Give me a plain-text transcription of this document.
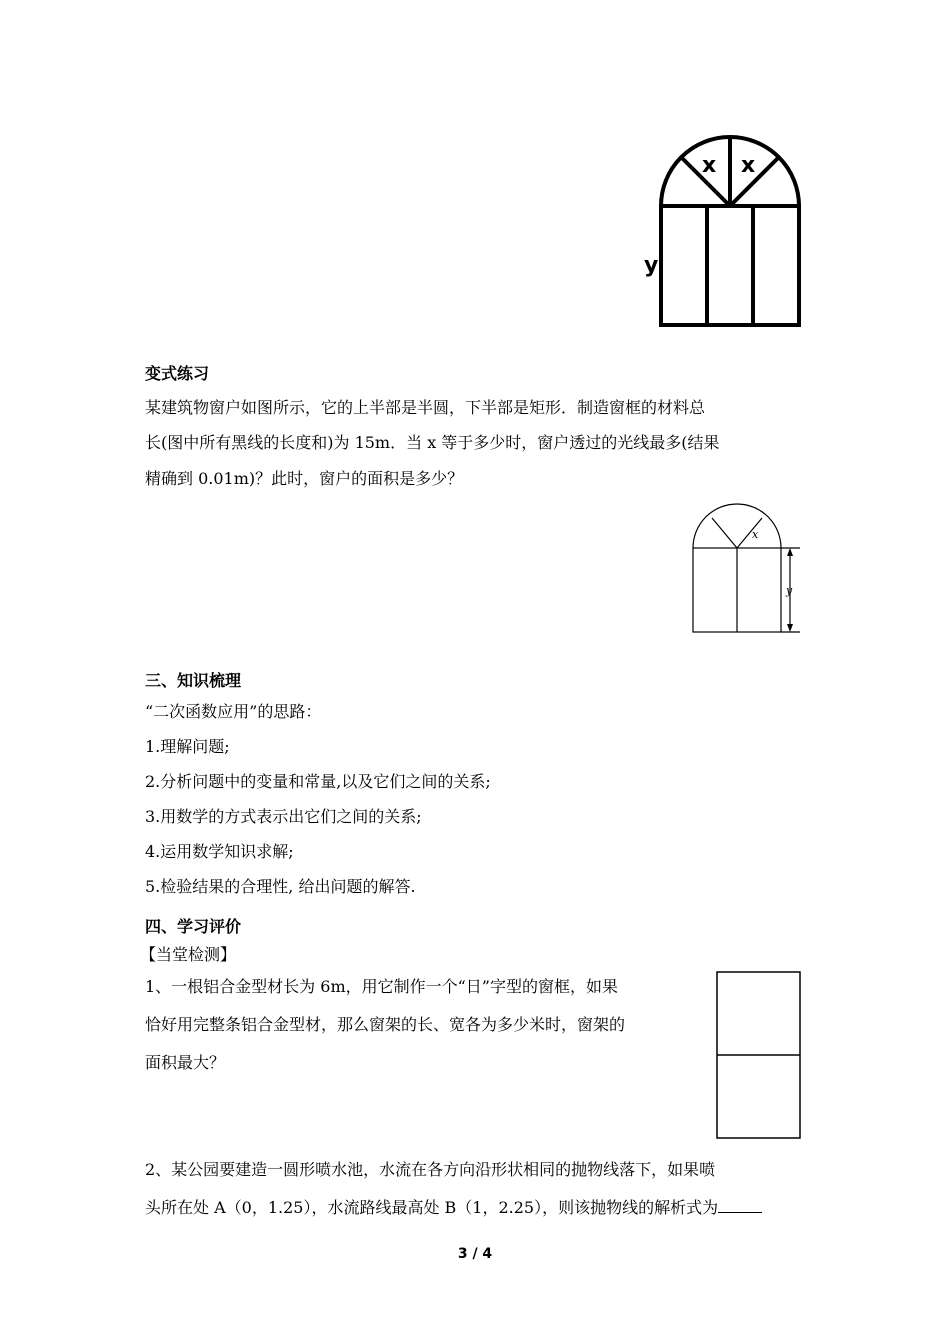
x x
y
变式练习
某建筑物窗户如图所示，它的上半部是半圆，下半部是矩形．制造窗框的材料总
长(图中所有黑线的长度和)为 15m．当 x 等于多少时，窗户透过的光线最多(结果
精确到 0.01m)？此时，窗户的面积是多少？
x
y
三、知识梳理
“二次函数应用”的思路：
1.理解问题;
2.分析问题中的变量和常量,以及它们之间的关系;
3.用数学的方式表示出它们之间的关系;
4.运用数学知识求解;
5.检验结果的合理性, 给出问题的解答.
四、学习评价
【当堂检测】
1、一根铝合金型材长为 6m，用它制作一个“日”字型的窗框，如果
恰好用完整条铝合金型材，那么窗架的长、宽各为多少米时，窗架的
面积最大？
2、某公园要建造一圆形喷水池，水流在各方向沿形状相同的抛物线落下，如果喷
头所在处 A（0，1.25），水流路线最高处 B（1，2.25），则该抛物线的解析式为
3 / 4
